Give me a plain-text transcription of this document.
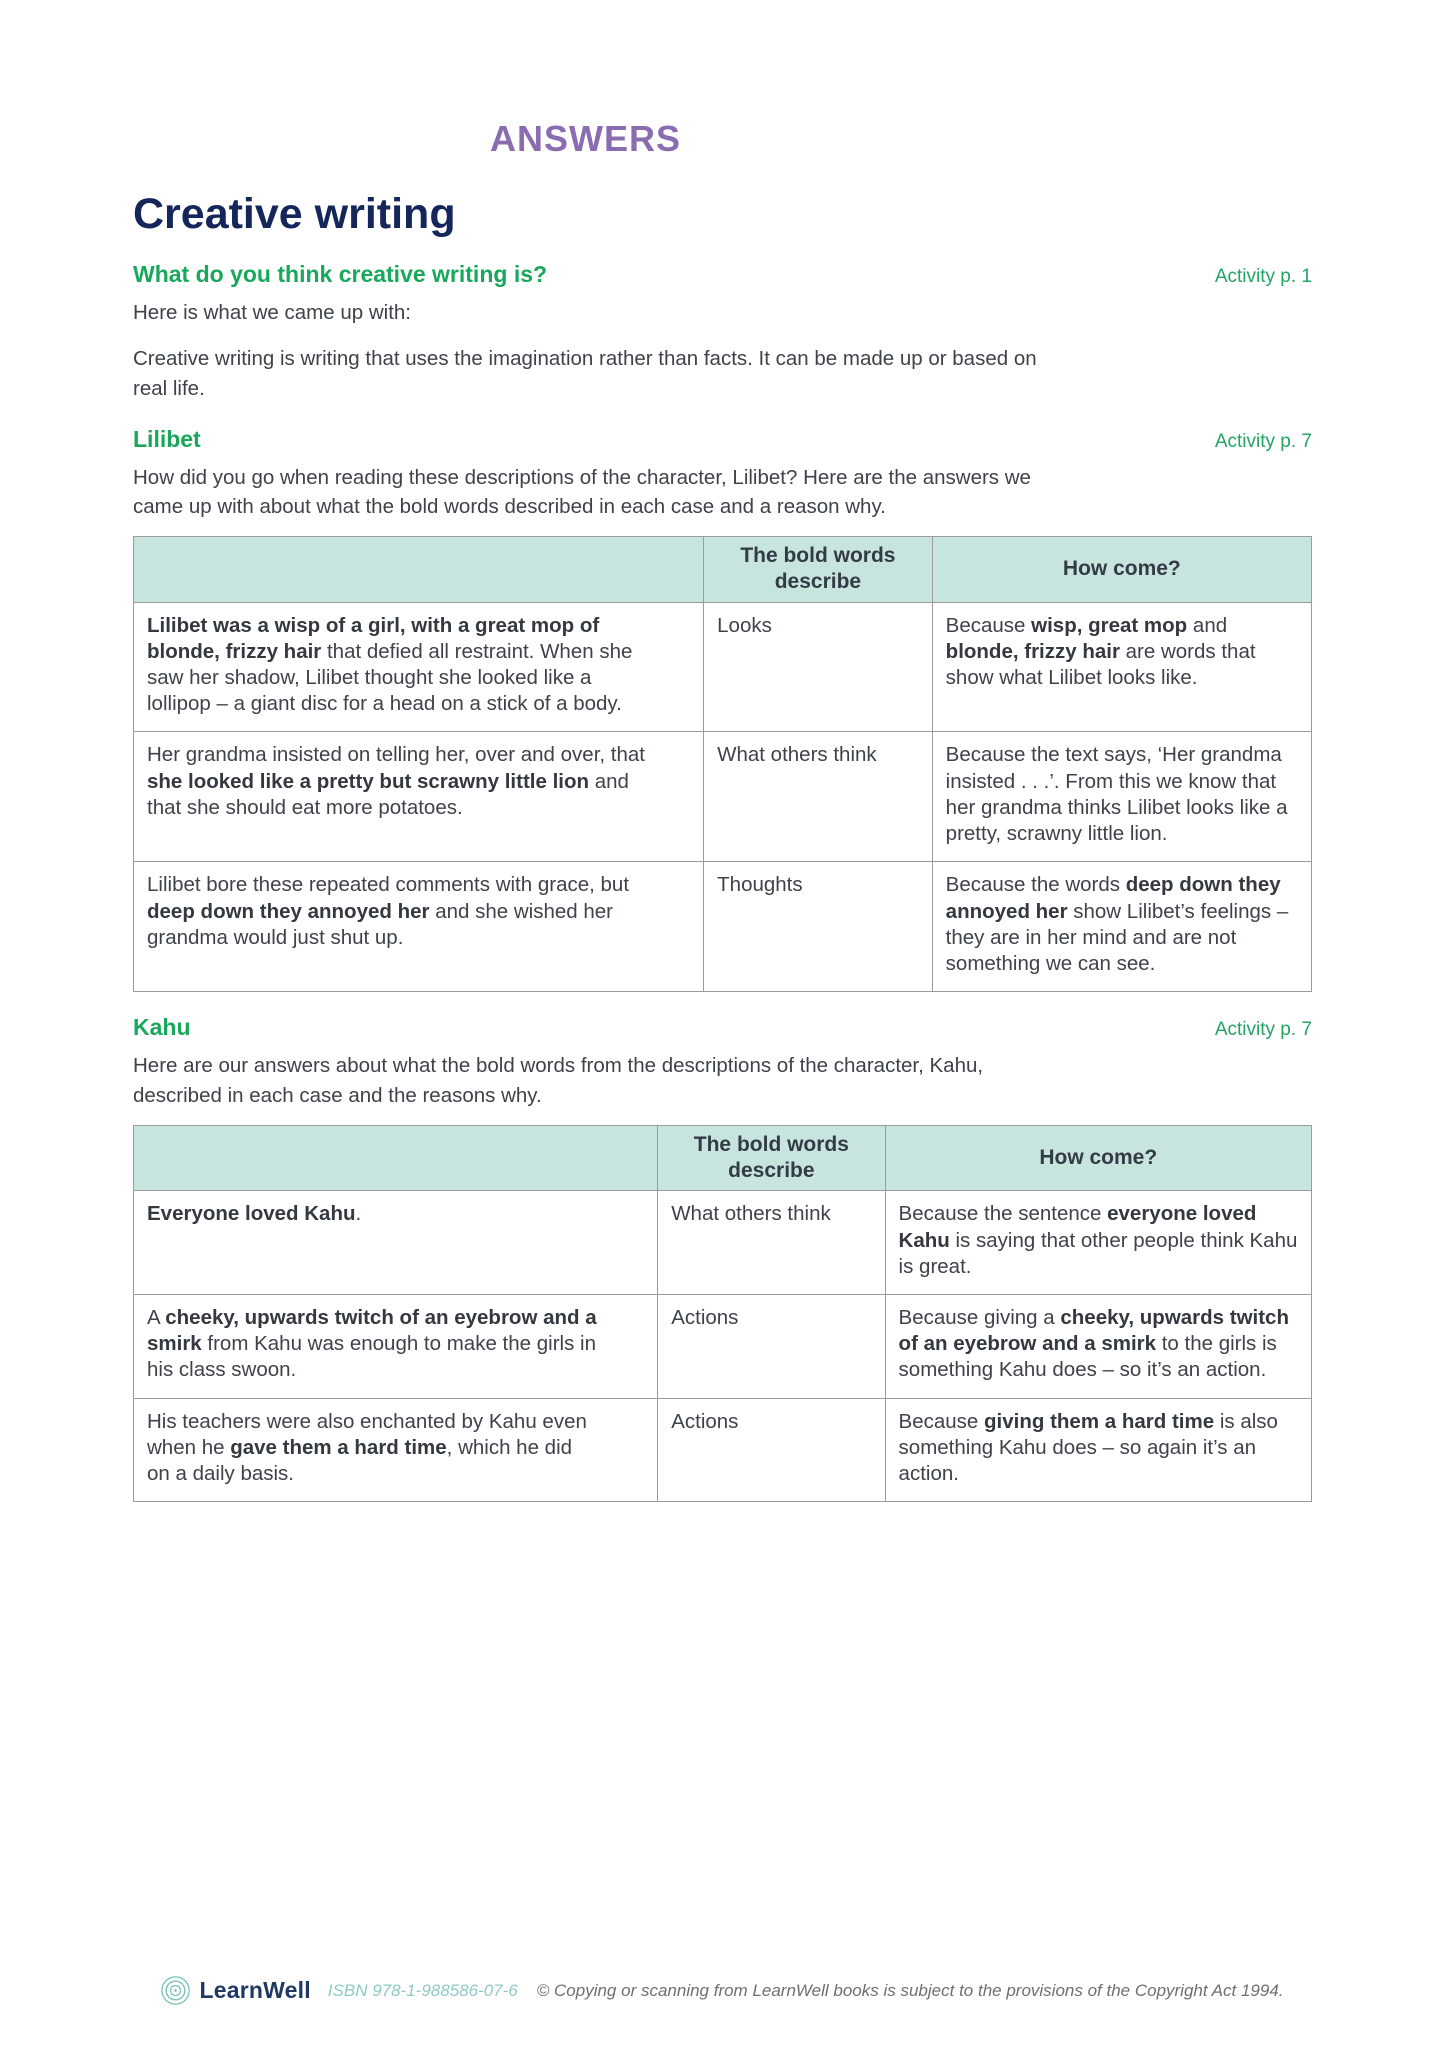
ANSWERS
Creative writing
What do you think creative writing is?	Activity p. 1

Here is what we came up with:

Creative writing is writing that uses the imagination rather than facts. It can be made up or based on real life.

Lilibet	Activity p. 7

How did you go when reading these descriptions of the character, Lilibet? Here are the answers we came up with about what the bold words described in each case and a reason why.

	The bold words describe	How come?
Lilibet was a wisp of a girl, with a great mop of blonde, frizzy hair that defied all restraint. When she saw her shadow, Lilibet thought she looked like a lollipop – a giant disc for a head on a stick of a body.	Looks	Because wisp, great mop and blonde, frizzy hair are words that show what Lilibet looks like.
Her grandma insisted on telling her, over and over, that she looked like a pretty but scrawny little lion and that she should eat more potatoes.	What others think	Because the text says, ‘Her grandma insisted . . .’. From this we know that her grandma thinks Lilibet looks like a pretty, scrawny little lion.
Lilibet bore these repeated comments with grace, but deep down they annoyed her and she wished her grandma would just shut up.	Thoughts	Because the words deep down they annoyed her show Lilibet’s feelings – they are in her mind and are not something we can see.
Kahu	Activity p. 7

Here are our answers about what the bold words from the descriptions of the character, Kahu, described in each case and the reasons why.

	The bold words describe	How come?
Everyone loved Kahu.	What others think	Because the sentence everyone loved Kahu is saying that other people think Kahu is great.
A cheeky, upwards twitch of an eyebrow and a smirk from Kahu was enough to make the girls in his class swoon.	Actions	Because giving a cheeky, upwards twitch of an eyebrow and a smirk to the girls is something Kahu does – so it’s an action.
His teachers were also enchanted by Kahu even when he gave them a hard time, which he did on a daily basis.	Actions	Because giving them a hard time is also something Kahu does – so again it’s an action.
LearnWell ISBN 978-1-988586-07-6 © Copying or scanning from LearnWell books is subject to the provisions of the Copyright Act 1994.
